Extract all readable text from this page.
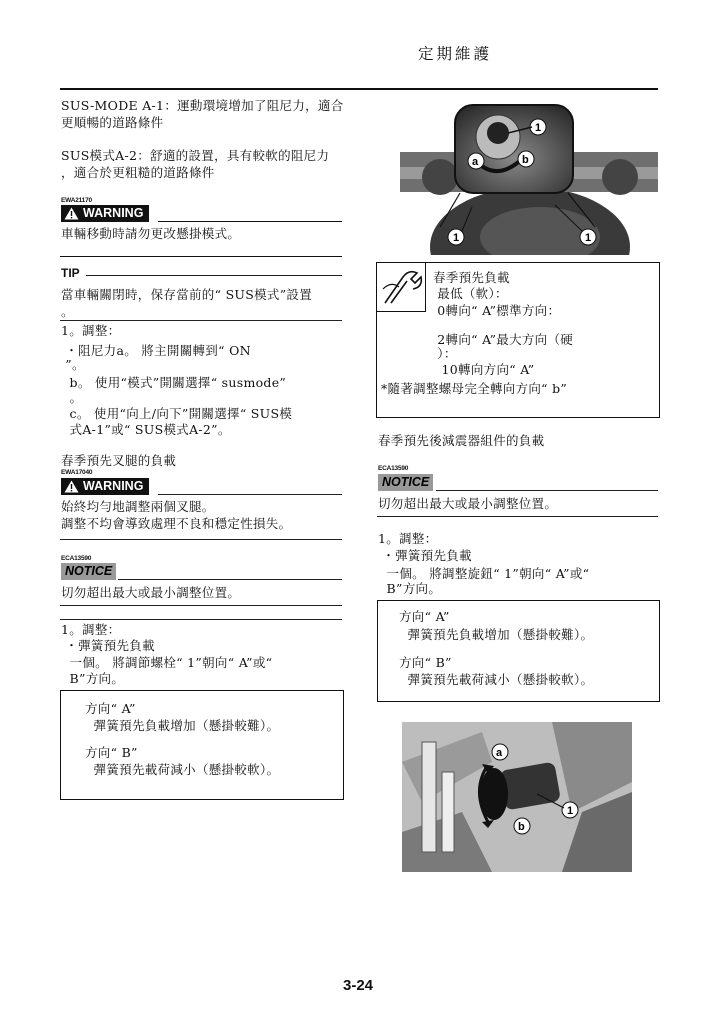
定期維護
SUS-MODE A-1：運動環境增加了阻尼力，適合
更順暢的道路條件
SUS模式A-2：舒適的設置，具有較軟的阻尼力
，適合於更粗糙的道路條件
EWA21170
WARNING
車輛移動時請勿更改懸掛模式。
TIP
當車輛關閉時，保存當前的“ SUS模式”設置
。
1。調整：
・阻尼力a。 將主開關轉到“ ON
”。
b。 使用“模式”開關選擇“ susmode”
。
c。 使用“向上/向下”開關選擇“ SUS模
式A-1”或“ SUS模式A-2”。
春季預先叉腿的負載
EWA17040
WARNING
始終均勻地調整兩個叉腿。
調整不均會導致處理不良和穩定性損失。
ECA13590
NOTICE
切勿超出最大或最小調整位置。
1。調整：
・彈簧預先負載
一個。 將調節螺栓“ 1”朝向“ A”或“
B”方向。
方向“ A”
彈簧預先負載增加（懸掛較難）。
方向“ B”
彈簧預先載荷減小（懸掛較軟）。
a	b
1
1	1
春季預先負載
最低（軟）：
0轉向“ A”標準方向：
2轉向“ A”最大方向（硬
）：
10轉向方向“ A”
*隨著調整螺母完全轉向方向“ b”
春季預先後減震器組件的負載
ECA13590
NOTICE
切勿超出最大或最小調整位置。
1。調整：
・彈簧預先負載
一個。 將調整旋鈕“ 1”朝向“ A”或“
B”方向。
方向“ A”
彈簧預先負載增加（懸掛較難）。
方向“ B”
彈簧預先載荷減小（懸掛較軟）。
a
b
1
3-24
